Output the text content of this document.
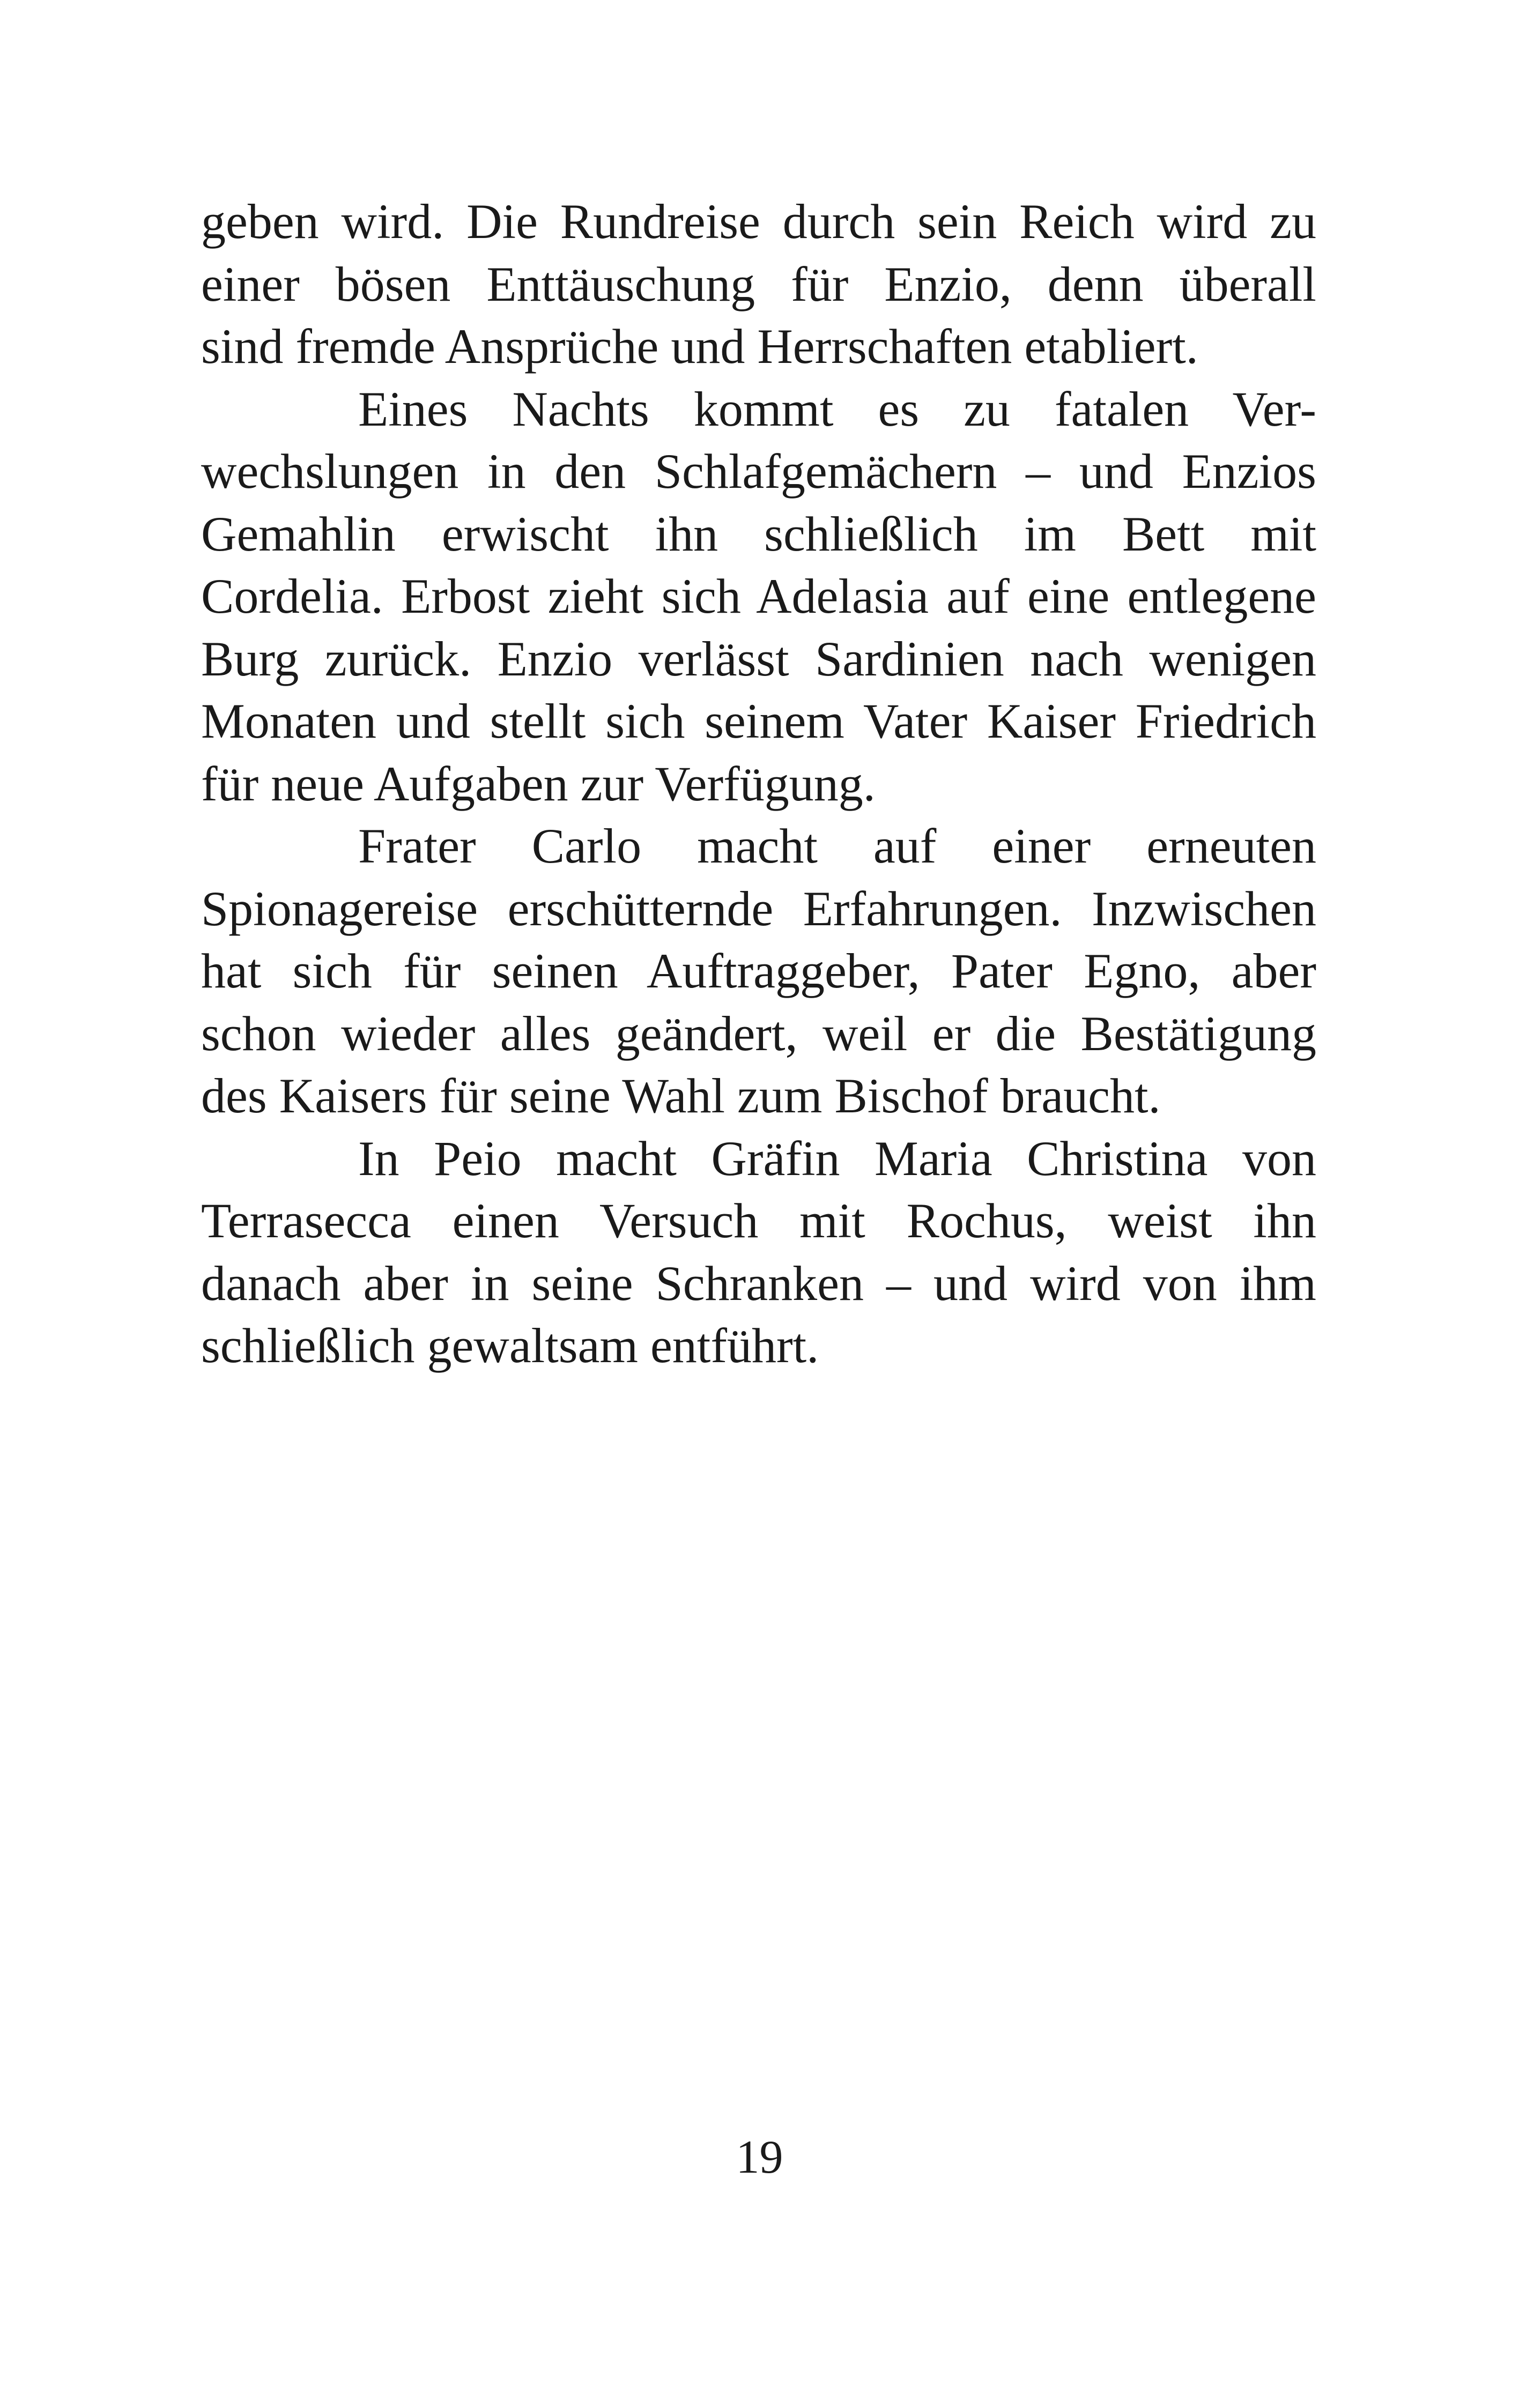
geben wird. Die Rundreise durch sein Reich wird zu
einer bösen Enttäuschung für Enzio, denn überall
sind fremde Ansprüche und Herrschaften etabliert.

Eines Nachts kommt es zu fatalen Ver-
wechslungen in den Schlafgemächern – und Enzios
Gemahlin erwischt ihn schließlich im Bett mit
Cordelia. Erbost zieht sich Adelasia auf eine entlegene
Burg zurück. Enzio verlässt Sardinien nach wenigen
Monaten und stellt sich seinem Vater Kaiser Friedrich
für neue Aufgaben zur Verfügung.

Frater Carlo macht auf einer erneuten
Spionagereise erschütternde Erfahrungen. Inzwischen
hat sich für seinen Auftraggeber, Pater Egno, aber
schon wieder alles geändert, weil er die Bestätigung
des Kaisers für seine Wahl zum Bischof braucht.

In Peio macht Gräfin Maria Christina von
Terrasecca einen Versuch mit Rochus, weist ihn
danach aber in seine Schranken – und wird von ihm
schließlich gewaltsam entführt.

19
